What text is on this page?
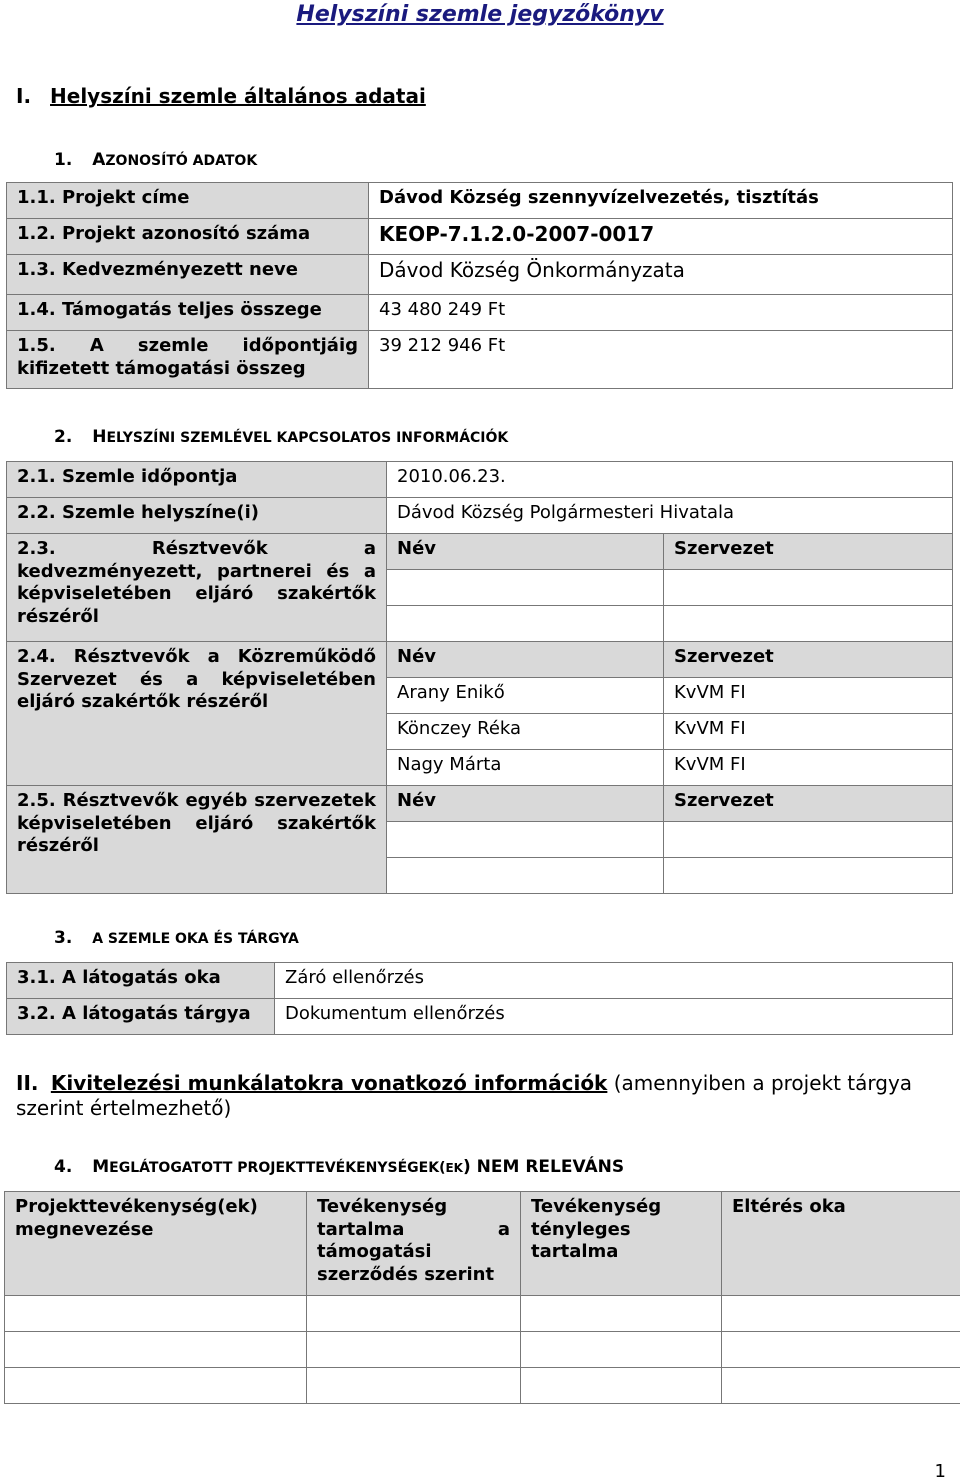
Helyszíni szemle jegyzőkönyv
I. Helyszíni szemle általános adatai
1. AZONOSÍTÓ ADATOK
1.1. Projekt címe	Dávod Község szennyvízelvezetés, tisztítás
1.2. Projekt azonosító száma	KEOP-7.1.2.0-2007-0017
1.3. Kedvezményezett neve	Dávod Község Önkormányzata
1.4. Támogatás teljes összege	43 480 249 Ft
1.5. A szemle időpontjáig kifizetett támogatási összeg	39 212 946 Ft
2. HELYSZÍNI SZEMLÉVEL KAPCSOLATOS INFORMÁCIÓK
2.1. Szemle időpontja	2010.06.23.	
2.2. Szemle helyszíne(i)	Dávod Község Polgármesteri Hivatala	
2.3. Résztvevők a kedvezményezett, partnerei és a képviseletében eljáró szakértők részéről	Név	Szervezet

2.4. Résztvevők a Közreműködő Szervezet és a képviseletében eljáró szakértők részéről	Név	Szervezet
	Arany Enikő	KvVM FI
	Könczey Réka	KvVM FI
	Nagy Márta	KvVM FI
2.5. Résztvevők egyéb szervezetek képviseletében eljáró szakértők részéről	Név	Szervezet

3. A SZEMLE OKA ÉS TÁRGYA
3.1. A látogatás oka	Záró ellenőrzés
3.2. A látogatás tárgya	Dokumentum ellenőrzés
II. Kivitelezési munkálatokra vonatkozó információk (amennyiben a projekt tárgya szerint értelmezhető)
4. MEGLÁTOGATOTT PROJEKTTEVÉKENYSÉGEK(EK) NEM RELEVÁNS
Projekttevékenység(ek) megnevezése	Tevékenység tartalma a támogatási szerződés szerint	Tevékenység tényleges tartalma	Eltérés oka

1
